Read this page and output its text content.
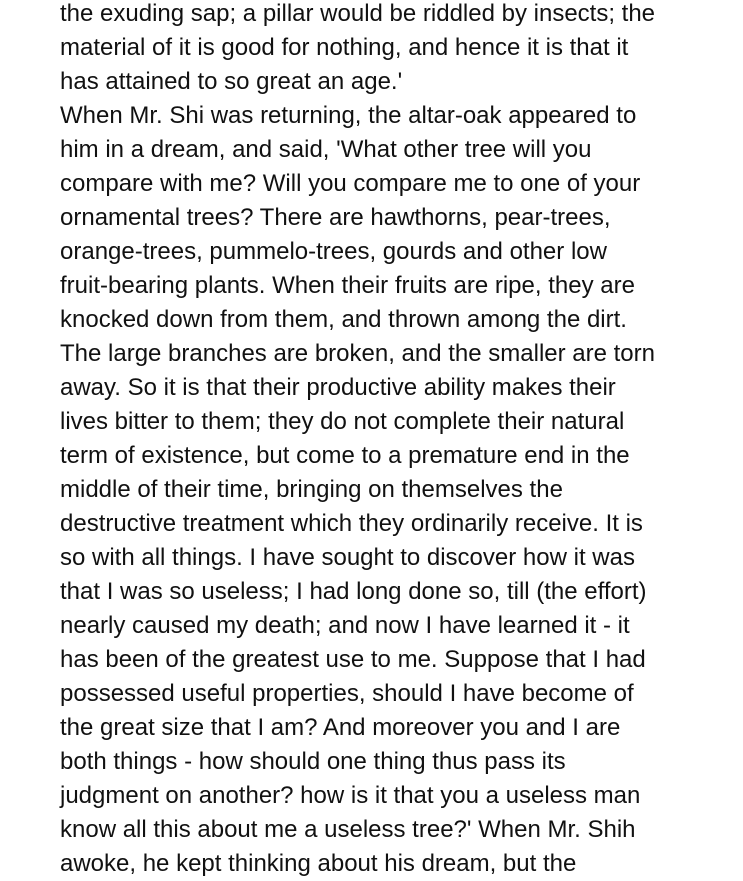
the exuding sap; a pillar would be riddled by insects; the
material of it is good for nothing, and hence it is that it
has attained to so great an age.'
When Mr. Shi was returning, the altar-oak appeared to
him in a dream, and said, 'What other tree will you
compare with me? Will you compare me to one of your
ornamental trees? There are hawthorns, pear-trees,
orange-trees, pummelo-trees, gourds and other low
fruit-bearing plants. When their fruits are ripe, they are
knocked down from them, and thrown among the dirt.
The large branches are broken, and the smaller are torn
away. So it is that their productive ability makes their
lives bitter to them; they do not complete their natural
term of existence, but come to a premature end in the
middle of their time, bringing on themselves the
destructive treatment which they ordinarily receive. It is
so with all things. I have sought to discover how it was
that I was so useless; I had long done so, till (the effort)
nearly caused my death; and now I have learned it - it
has been of the greatest use to me. Suppose that I had
possessed useful properties, should I have become of
the great size that I am? And moreover you and I are
both things - how should one thing thus pass its
judgment on another? how is it that you a useless man
know all this about me a useless tree?' When Mr. Shih
awoke, he kept thinking about his dream, but the
